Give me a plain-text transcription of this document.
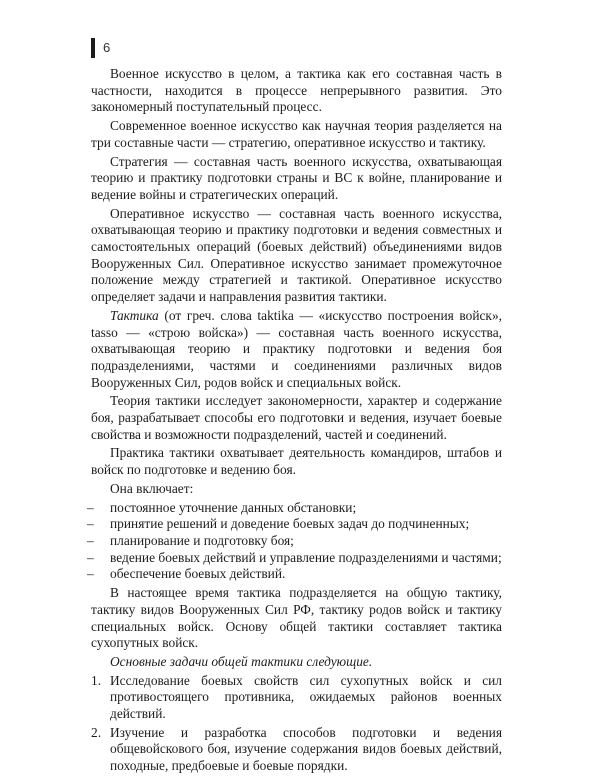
6

Военное искусство в целом, а тактика как его составная часть в частности, находится в процессе непрерывного развития. Это закономерный поступательный процесс.

Современное военное искусство как научная теория разделяется на три составные части — стратегию, оперативное искусство и тактику.

Стратегия — составная часть военного искусства, охватывающая теорию и практику подготовки страны и ВС к войне, планирование и ведение войны и стратегических операций.

Оперативное искусство — составная часть военного искусства, охватывающая теорию и практику подготовки и ведения совместных и самостоятельных операций (боевых действий) объединениями видов Вооруженных Сил. Оперативное искусство занимает промежуточное положение между стратегией и тактикой. Оперативное искусство определяет задачи и направления развития тактики.

Тактика (от греч. слова taktika — «искусство построения войск», tasso — «строю войска») — составная часть военного искусства, охватывающая теорию и практику подготовки и ведения боя подразделениями, частями и соединениями различных видов Вооруженных Сил, родов войск и специальных войск.

Теория тактики исследует закономерности, характер и содержание боя, разрабатывает способы его подготовки и ведения, изучает боевые свойства и возможности подразделений, частей и соединений.

Практика тактики охватывает деятельность командиров, штабов и войск по подготовке и ведению боя.

Она включает:

– постоянное уточнение данных обстановки;
– принятие решений и доведение боевых задач до подчиненных;
– планирование и подготовку боя;
– ведение боевых действий и управление подразделениями и частями;
– обеспечение боевых действий.

В настоящее время тактика подразделяется на общую тактику, тактику видов Вооруженных Сил РФ, тактику родов войск и тактику специальных войск. Основу общей тактики составляет тактика сухопутных войск.

Основные задачи общей тактики следующие.

1. Исследование боевых свойств сил сухопутных войск и сил противостоящего противника, ожидаемых районов военных действий.
2. Изучение и разработка способов подготовки и ведения общевойскового боя, изучение содержания видов боевых действий, походные, предбоевые и боевые порядки.
